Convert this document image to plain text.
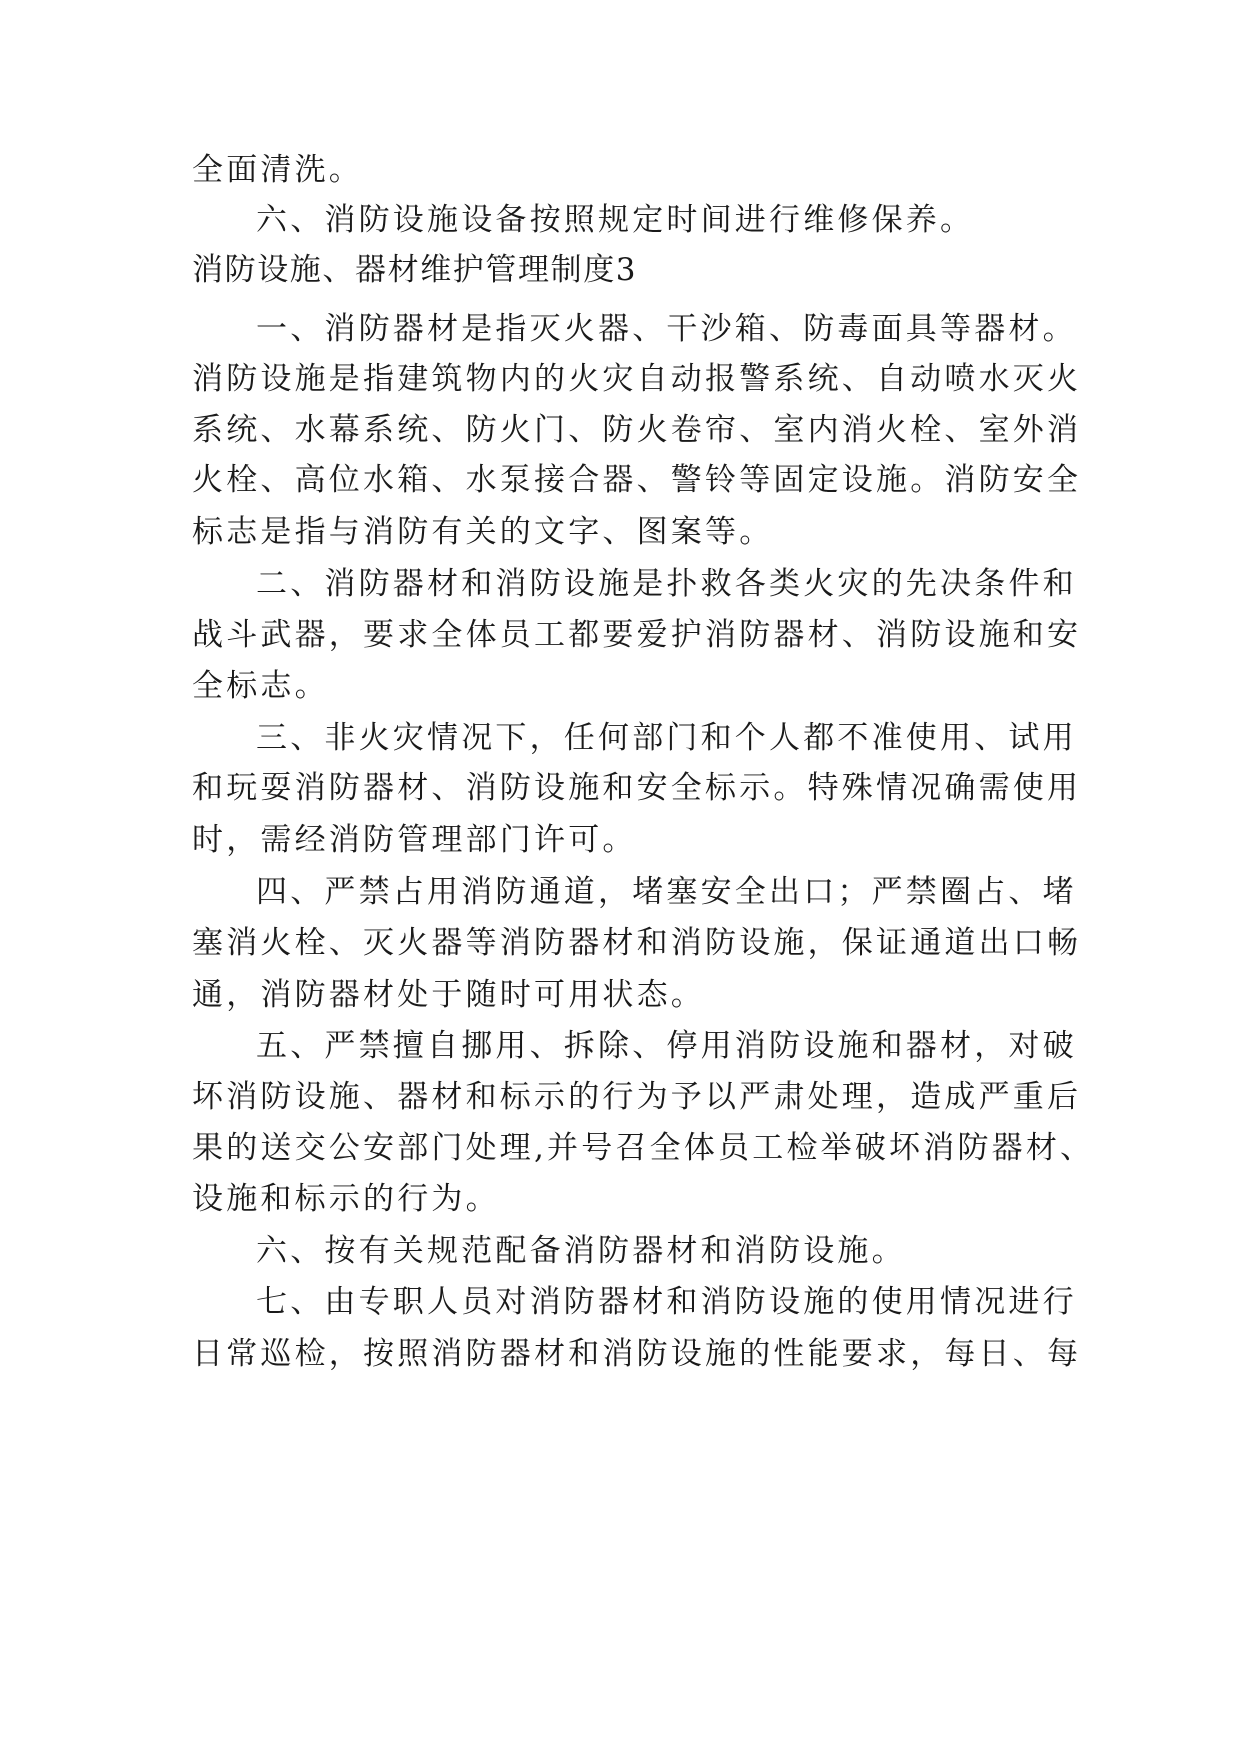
全面清洗。
六、消防设施设备按照规定时间进行维修保养。
消防设施、器材维护管理制度3
一、消防器材是指灭火器、干沙箱、防毒面具等器材。
消防设施是指建筑物内的火灾自动报警系统、自动喷水灭火
系统、水幕系统、防火门、防火卷帘、室内消火栓、室外消
火栓、高位水箱、水泵接合器、警铃等固定设施。消防安全
标志是指与消防有关的文字、图案等。
二、消防器材和消防设施是扑救各类火灾的先决条件和
战斗武器，要求全体员工都要爱护消防器材、消防设施和安
全标志。
三、非火灾情况下，任何部门和个人都不准使用、试用
和玩耍消防器材、消防设施和安全标示。特殊情况确需使用
时，需经消防管理部门许可。
四、严禁占用消防通道，堵塞安全出口；严禁圈占、堵
塞消火栓、灭火器等消防器材和消防设施，保证通道出口畅
通，消防器材处于随时可用状态。
五、严禁擅自挪用、拆除、停用消防设施和器材，对破
坏消防设施、器材和标示的行为予以严肃处理，造成严重后
果的送交公安部门处理,并号召全体员工检举破坏消防器材、
设施和标示的行为。
六、按有关规范配备消防器材和消防设施。
七、由专职人员对消防器材和消防设施的使用情况进行
日常巡检，按照消防器材和消防设施的性能要求，每日、每
